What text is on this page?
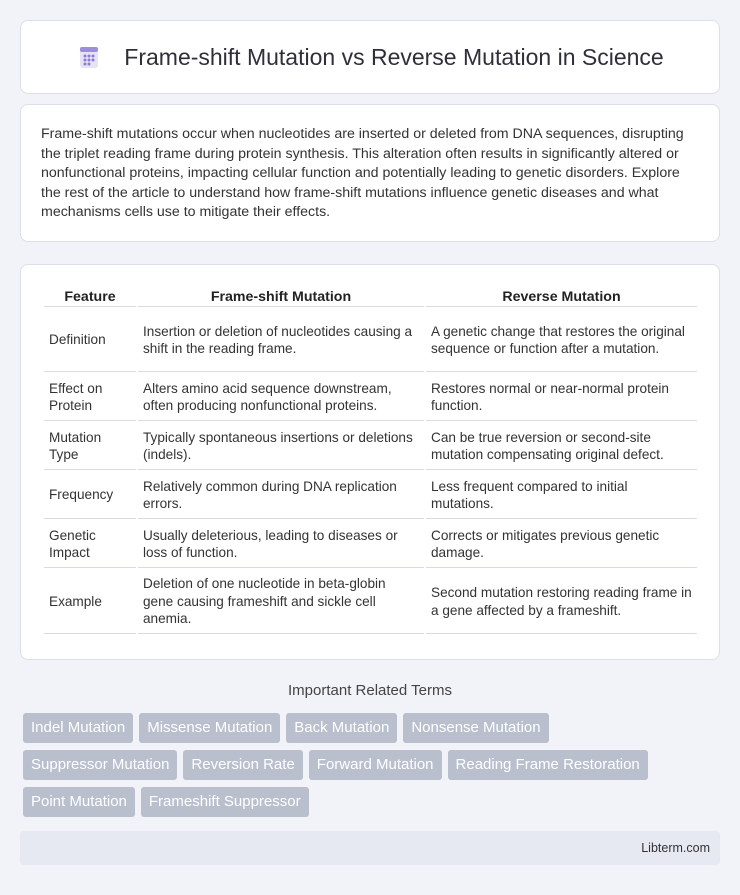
Frame-shift Mutation vs Reverse Mutation in Science

Frame-shift mutations occur when nucleotides are inserted or deleted from DNA sequences, disrupting the triplet reading frame during protein synthesis. This alteration often results in significantly altered or nonfunctional proteins, impacting cellular function and potentially leading to genetic disorders. Explore the rest of the article to understand how frame-shift mutations influence genetic diseases and what mechanisms cells use to mitigate their effects.

Feature	Frame-shift Mutation	Reverse Mutation
Definition	Insertion or deletion of nucleotides causing a shift in the reading frame.	A genetic change that restores the original sequence or function after a mutation.
Effect on Protein	Alters amino acid sequence downstream, often producing nonfunctional proteins.	Restores normal or near-normal protein function.
Mutation Type	Typically spontaneous insertions or deletions (indels).	Can be true reversion or second-site mutation compensating original defect.
Frequency	Relatively common during DNA replication errors.	Less frequent compared to initial mutations.
Genetic Impact	Usually deleterious, leading to diseases or loss of function.	Corrects or mitigates previous genetic damage.
Example	Deletion of one nucleotide in beta-globin gene causing frameshift and sickle cell anemia.	Second mutation restoring reading frame in a gene affected by a frameshift.
Important Related Terms
Indel Mutation	Missense Mutation	Back Mutation	Nonsense Mutation
Suppressor Mutation	Reversion Rate	Forward Mutation	Reading Frame Restoration
Point Mutation	Frameshift Suppressor
Libterm.com
